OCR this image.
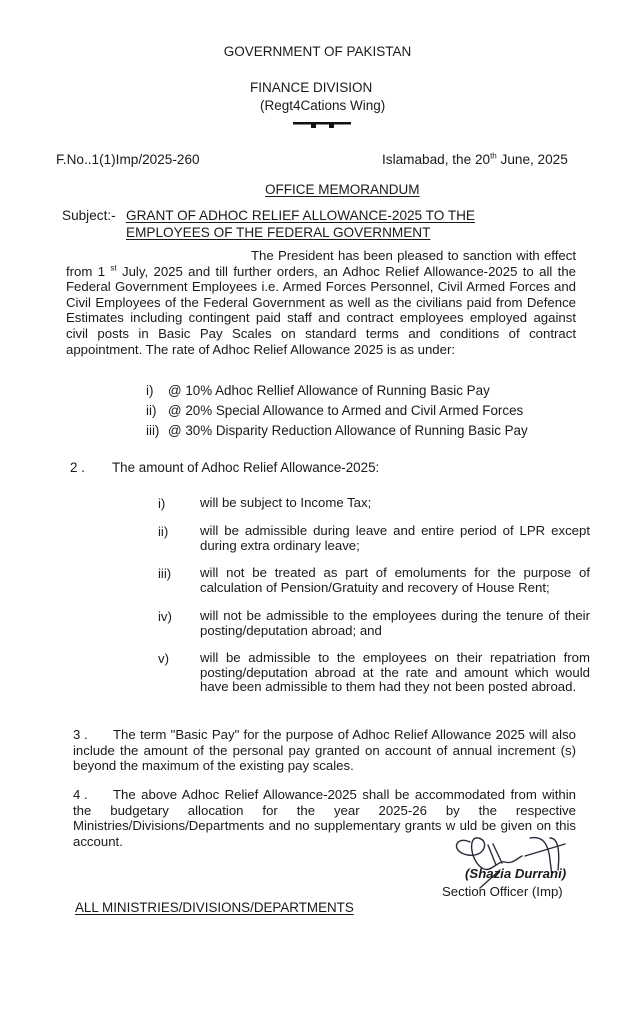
GOVERNMENT OF PAKISTAN
FINANCE DIVISION
(Regt4Cations Wing)
F.No..1(1)Imp/2025-260	Islamabad, the 20th June, 2025
OFFICE MEMORANDUM
Subject:- GRANT OF ADHOC RELIEF ALLOWANCE-2025 TO THE
EMPLOYEES OF THE FEDERAL GOVERNMENT
The President has been pleased to sanction with effect from 1 $^{st}$ July, 2025 and till further orders, an Adhoc Relief Allowance-2025 to all the Federal Government Employees i.e. Armed Forces Personnel, Civil Armed Forces and Civil Employees of the Federal Government as well as the civilians paid from Defence Estimates including contingent paid staff and contract employees employed against civil posts in Basic Pay Scales on standard terms and conditions of contract appointment. The rate of Adhoc Relief Allowance 2025 is as under:
i) @ 10% Adhoc Rellief Allowance of Running Basic Pay
ii) @ 20% Special Allowance to Armed and Civil Armed Forces
iii) @ 30% Disparity Reduction Allowance of Running Basic Pay
2 . The amount of Adhoc Relief Allowance-2025:
i)	will be subject to Income Tax;
ii) will be admissible during leave and entire period of LPR except during extra ordinary leave;
iii) will not be treated as part of emoluments for the purpose of calculation of Pension/Gratuity and recovery of House Rent;
iv) will not be admissible to the employees during the tenure of their posting/deputation abroad; and
v) will be admissible to the employees on their repatriation from posting/deputation abroad at the rate and amount which would have been admissible to them had they not been posted abroad.
3 . The term "Basic Pay" for the purpose of Adhoc Relief Allowance 2025 will also include the amount of the personal pay granted on account of annual increment (s) beyond the maximum of the existing pay scales.
4 . The above Adhoc Relief Allowance-2025 shall be accommodated from within the budgetary allocation for the year 2025-26 by the respective Ministries/Divisions/Departments and no supplementary grants w uld be given on this account.
(Shazia Durrani)
Section Officer (Imp)
ALL MINISTRIES/DIVISIONS/DEPARTMENTS
